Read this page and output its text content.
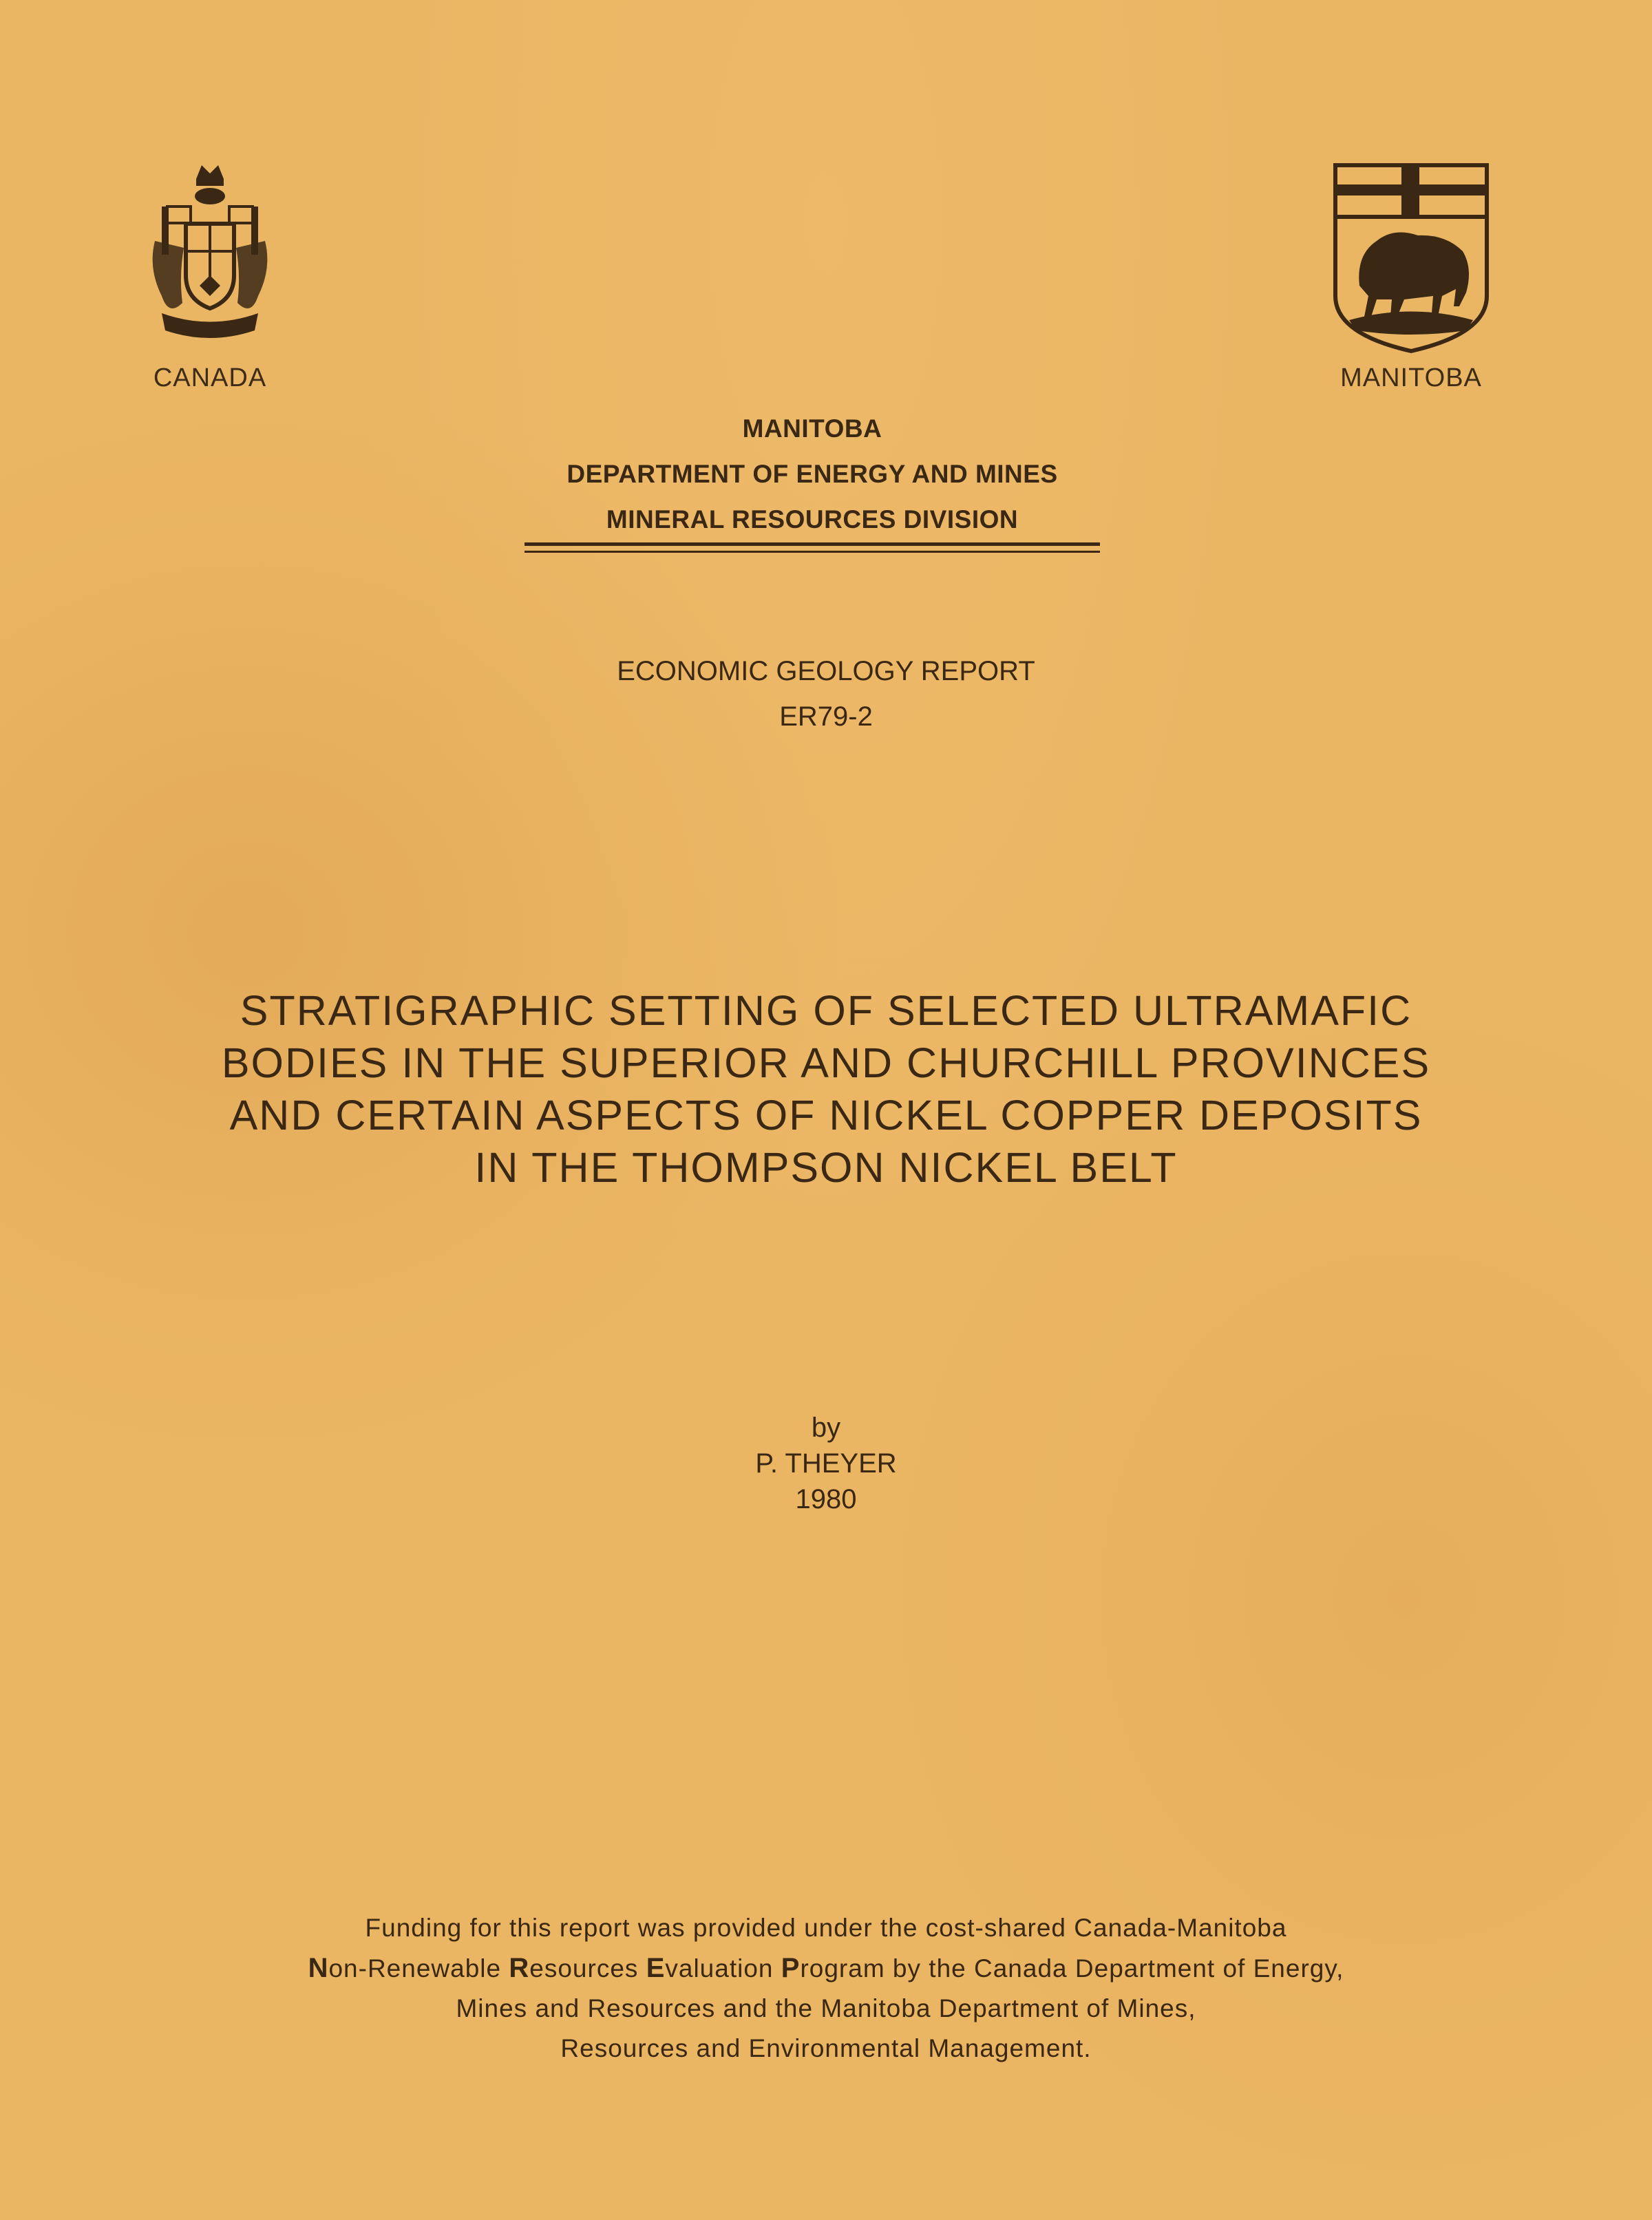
CANADA	MANITOBA
MANITOBA
DEPARTMENT OF ENERGY AND MINES
MINERAL RESOURCES DIVISION
ECONOMIC GEOLOGY REPORT
ER79-2
STRATIGRAPHIC SETTING OF SELECTED ULTRAMAFIC
BODIES IN THE SUPERIOR AND CHURCHILL PROVINCES
AND CERTAIN ASPECTS OF NICKEL COPPER DEPOSITS
IN THE THOMPSON NICKEL BELT
by
P. THEYER
1980
Funding for this report was provided under the cost-shared Canada-Manitoba
Non-Renewable Resources Evaluation Program by the Canada Department of Energy,
Mines and Resources and the Manitoba Department of Mines,
Resources and Environmental Management.
